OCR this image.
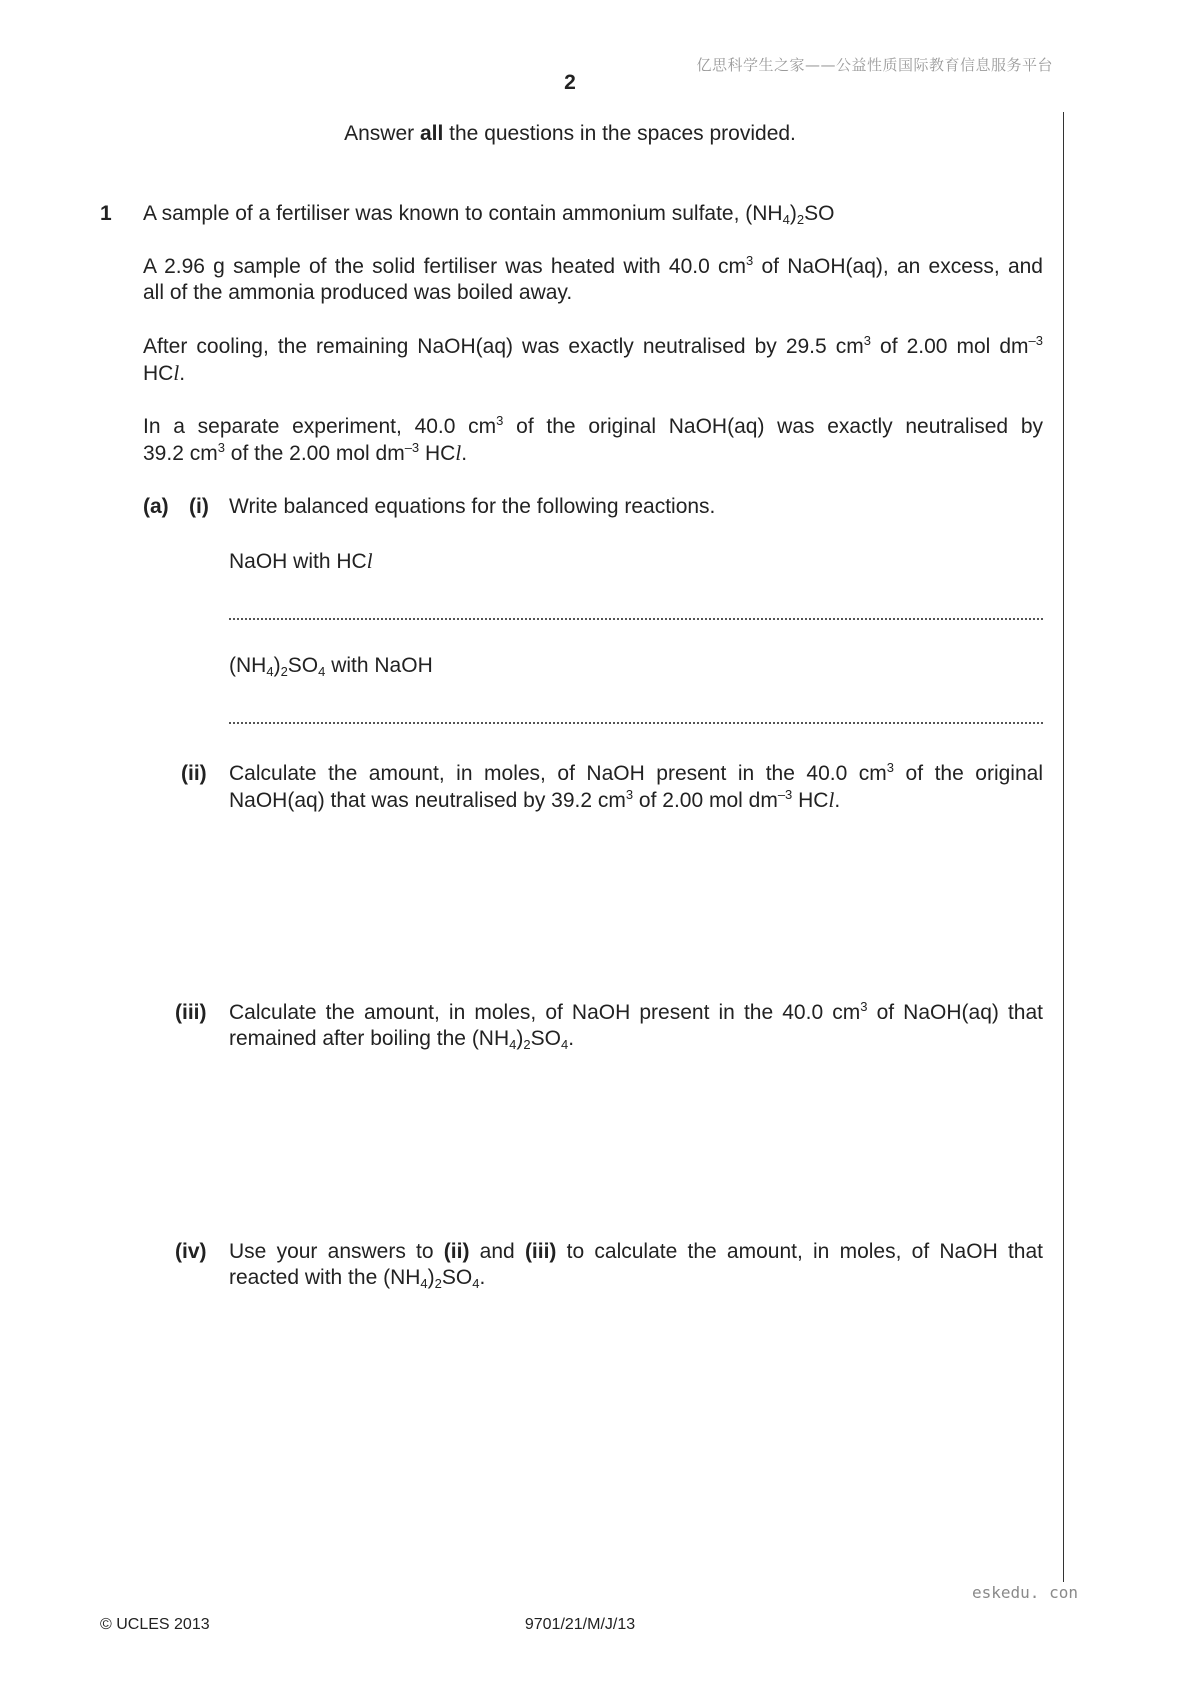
亿思科学生之家——公益性质国际教育信息服务平台
2
Answer all the questions in the spaces provided.
1 A sample of a fertiliser was known to contain ammonium sulfate, $(NH_4)_2SO$
A 2.96 g sample of the solid fertiliser was heated with 40.0 $cm^3$ of NaOH(aq), an excess, and
all of the ammonia produced was boiled away.
After cooling, the remaining NaOH(aq) was exactly neutralised by 29.5 $cm^3$ of 2.00 mol $dm^{-3}$
HCl.
In a separate experiment, 40.0 $cm^3$ of the original NaOH(aq) was exactly neutralised by
39.2 $cm^3$ of the 2.00 mol $dm^{-3}$ HCl.
(a) (i) Write balanced equations for the following reactions.
NaOH with HCl
$(NH_4)_2SO_4$ with NaOH
(ii) Calculate the amount, in moles, of NaOH present in the 40.0 $cm^3$ of the original
NaOH(aq) that was neutralised by 39.2 $cm^3$ of 2.00 mol $dm^{-3}$ HCl.
(iii) Calculate the amount, in moles, of NaOH present in the 40.0 $cm^3$ of NaOH(aq) that
remained after boiling the $(NH_4)_2SO_4$.
(iv) Use your answers to (ii) and (iii) to calculate the amount, in moles, of NaOH that
reacted with the $(NH_4)_2SO_4$.
eskedu. con
© UCLES 2013	9701/21/M/J/13
